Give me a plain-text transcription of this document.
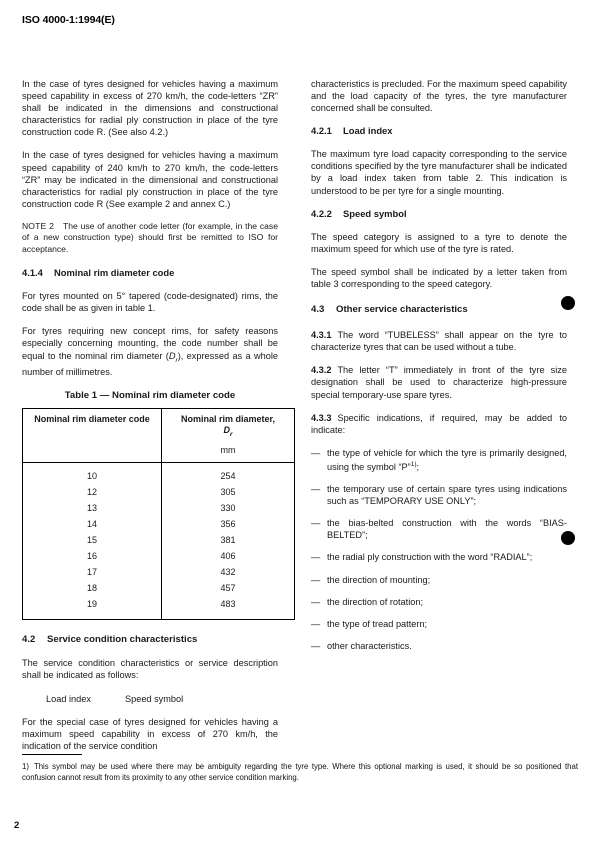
ISO 4000-1:1994(E)

In the case of tyres designed for vehicles having a maximum speed capability in excess of 270 km/h, the code-letters “ZR” shall be indicated in the dimensions and constructional characteristics for radial ply construction in place of the tyre construction code R. (See also 4.2.)

In the case of tyres designed for vehicles having a maximum speed capability of 240 km/h to 270 km/h, the code-letters “ZR” may be indicated in the dimensional and constructional characteristics for radial ply construction in place of the tyre construction code R (See example 2 and annex C.)

NOTE 2 The use of another code letter (for example, in the case of a new construction type) should first be remitted to ISO for acceptance.

4.1.4 Nominal rim diameter code

For tyres mounted on 5° tapered (code-designated) rims, the code shall be as given in table 1.

For tyres requiring new concept rims, for safety reasons especially concerning mounting, the code number shall be equal to the nominal rim diameter $(D_r)$, expressed as a whole number of millimetres.

Table 1 — Nominal rim diameter code
Nominal rim diameter code	Nominal rim diameter,
$D_r$
mm

10	254
12	305
13	330
14	356
15	381
16	406
17	432
18	457
19	483
4.2 Service condition characteristics

The service condition characteristics or service description shall be indicated as follows:

Load index	Speed symbol

For the special case of tyres designed for vehicles having a maximum speed capability in excess of 270 km/h, the indication of the service condition

characteristics is precluded. For the maximum speed capability and the load capacity of the tyres, the tyre manufacturer concerned shall be consulted.

4.2.1 Load index

The maximum tyre load capacity corresponding to the service conditions specified by the tyre manufacturer shall be indicated by a load index taken from table 2. This indication is understood to be per tyre for a single mounting.

4.2.2 Speed symbol

The speed category is assigned to a tyre to denote the maximum speed for which use of the tyre is rated.

The speed symbol shall be indicated by a letter taken from table 3 corresponding to the speed category.

4.3 Other service characteristics

4.3.1 The word “TUBELESS” shall appear on the tyre to characterize tyres that can be used without a tube.

4.3.2 The letter “T” immediately in front of the tyre size designation shall be used to characterize high-pressure special temporary-use spare tyres.

4.3.3 Specific indications, if required, may be added to indicate:

— the type of vehicle for which the tyre is primarily designed, using the symbol “P”$^{1)}$;
— the temporary use of certain spare tyres using indications such as “TEMPORARY USE ONLY”;
— the bias-belted construction with the words “BIAS-BELTED”;
— the radial ply construction with the word “RADIAL”;
— the direction of mounting;
— the direction of rotation;
— the type of tread pattern;
— other characteristics.
1) This symbol may be used where there may be ambiguity regarding the tyre type. Where this optional marking is used, it should be so positioned that confusion cannot result from its proximity to any other service condition marking.
2
